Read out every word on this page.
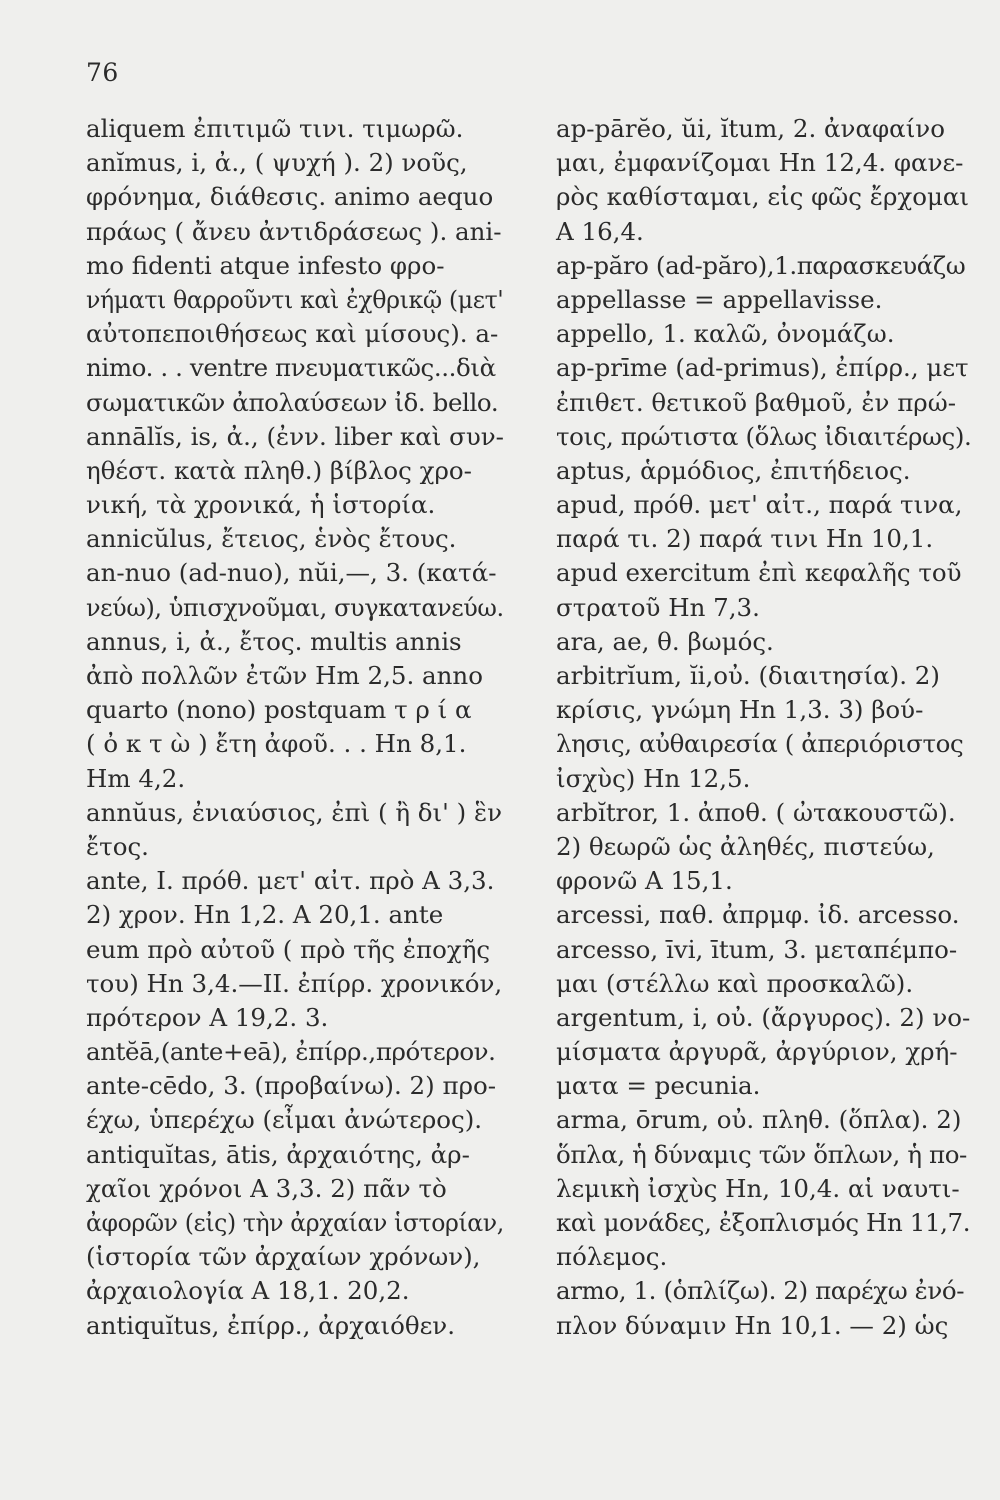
76
aliquem ἐπιτιμῶ τινι. τιμωρῶ.
anĭmus, i, ἀ., ( ψυχή ). 2) νοῦς,
φρόνημα, διάθεσις. animo aequo
πράως ( ἄνευ ἀντιδράσεως ). ani-
mo fidenti atque infesto φρο-
νήματι θαρροῦντι καὶ ἐχθρικῷ (μετ'
αὐτοπεποιθήσεως καὶ μίσους). a-
nimo. . . ventre πνευματικῶς...διὰ
σωματικῶν ἀπολαύσεων ἰδ. bello.
annālĭs, is, ἀ., (ἐνν. liber καὶ συν-
ηθέστ. κατὰ πληθ.) βίβλος χρο-
νική, τὰ χρονικά, ἡ ἱστορία.
annicŭlus, ἔτειος, ἑνὸς ἔτους.
an-nuo (ad-nuo), nŭi,—, 3. (κατά-
νεύω), ὑπισχνοῦμαι, συγκατανεύω.
annus, i, ἀ., ἔτος. multis annis
ἀπὸ πολλῶν ἐτῶν Hm 2,5. anno
quarto (nono) postquam τ ρ ί α
( ὀ κ τ ὼ ) ἔτη ἀφοῦ. . . Hn 8,1.
Hm 4,2.
annŭus, ἐνιαύσιος, ἐπὶ ( ἢ δι' ) ἓν
ἔτος.
ante, I. πρόθ. μετ' αἰτ. πρὸ A 3,3.
2) χρον. Hn 1,2. A 20,1. ante
eum πρὸ αὐτοῦ ( πρὸ τῆς ἐποχῆς
του) Hn 3,4.—II. ἐπίρρ. χρονικόν,
πρότερον A 19,2. 3.
antĕā,(ante+eā), ἐπίρρ.,πρότερον.
ante-cēdo, 3. (προβαίνω). 2) προ-
έχω, ὑπερέχω (εἶμαι ἀνώτερος).
antiquĭtas, ātis, ἀρχαιότης, ἀρ-
χαῖοι χρόνοι A 3,3. 2) πᾶν τὸ
ἀφορῶν (εἰς) τὴν ἀρχαίαν ἱστορίαν,
(ἱστορία τῶν ἀρχαίων χρόνων),
ἀρχαιολογία A 18,1. 20,2.
antiquĭtus, ἐπίρρ., ἀρχαιόθεν.
ap-pārĕo, ŭi, ĭtum, 2. ἀναφαίνο
μαι, ἐμφανίζομαι Hn 12,4. φανε-
ρὸς καθίσταμαι, εἰς φῶς ἔρχομαι
A 16,4.
ap-păro (ad-păro),1.παρασκευάζω
appellasse = appellavisse.
appello, 1. καλῶ, ὀνομάζω.
ap-prīme (ad-primus), ἐπίρρ., μετ
ἐπιθετ. θετικοῦ βαθμοῦ, ἐν πρώ-
τοις, πρώτιστα (ὅλως ἰδιαιτέρως).
aptus, ἁρμόδιος, ἐπιτήδειος.
apud, πρόθ. μετ' αἰτ., παρά τινα,
παρά τι. 2) παρά τινι Hn 10,1.
apud exercitum ἐπὶ κεφαλῆς τοῦ
στρατοῦ Hn 7,3.
ara, ae, θ. βωμός.
arbitrĭum, ĭi,οὐ. (διαιτησία). 2)
κρίσις, γνώμη Hn 1,3. 3) βού-
λησις, αὐθαιρεσία ( ἀπεριόριστος
ἰσχὺς) Hn 12,5.
arbĭtror, 1. ἀποθ. ( ὠτακουστῶ).
2) θεωρῶ ὡς ἀληθές, πιστεύω,
φρονῶ A 15,1.
arcessi, παθ. ἀπρμφ. ἰδ. arcesso.
arcesso, īvi, ītum, 3. μεταπέμπο-
μαι (στέλλω καὶ προσκαλῶ).
argentum, i, οὐ. (ἄργυρος). 2) νο-
μίσματα ἀργυρᾶ, ἀργύριον, χρή-
ματα = pecunia.
arma, ōrum, οὐ. πληθ. (ὅπλα). 2)
ὅπλα, ἡ δύναμις τῶν ὅπλων, ἡ πο-
λεμικὴ ἰσχὺς Hn, 10,4. αἱ ναυτι-
καὶ μονάδες, ἐξοπλισμός Hn 11,7.
πόλεμος.
armo, 1. (ὁπλίζω). 2) παρέχω ἐνό-
πλον δύναμιν Hn 10,1. — 2) ὡς
